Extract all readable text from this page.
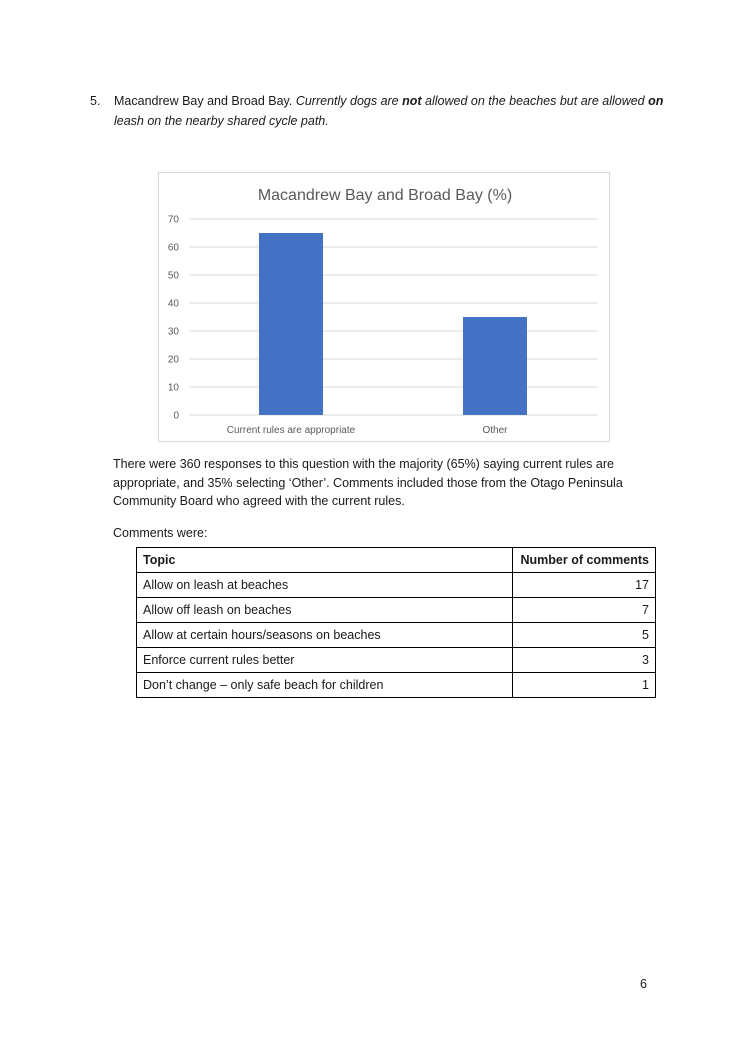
5. Macandrew Bay and Broad Bay. Currently dogs are not allowed on the beaches but are allowed on leash on the nearby shared cycle path.
Macandrew Bay and Broad Bay (%)
0
10
20
30
40
50
60
70
Current rules are appropriate	Other
There were 360 responses to this question with the majority (65%) saying current rules are appropriate, and 35% selecting ‘Other’. Comments included those from the Otago Peninsula Community Board who agreed with the current rules.
Comments were:
Topic	Number of comments
Allow on leash at beaches	17
Allow off leash on beaches	7
Allow at certain hours/seasons on beaches	5
Enforce current rules better	3
Don’t change – only safe beach for children	1
6
